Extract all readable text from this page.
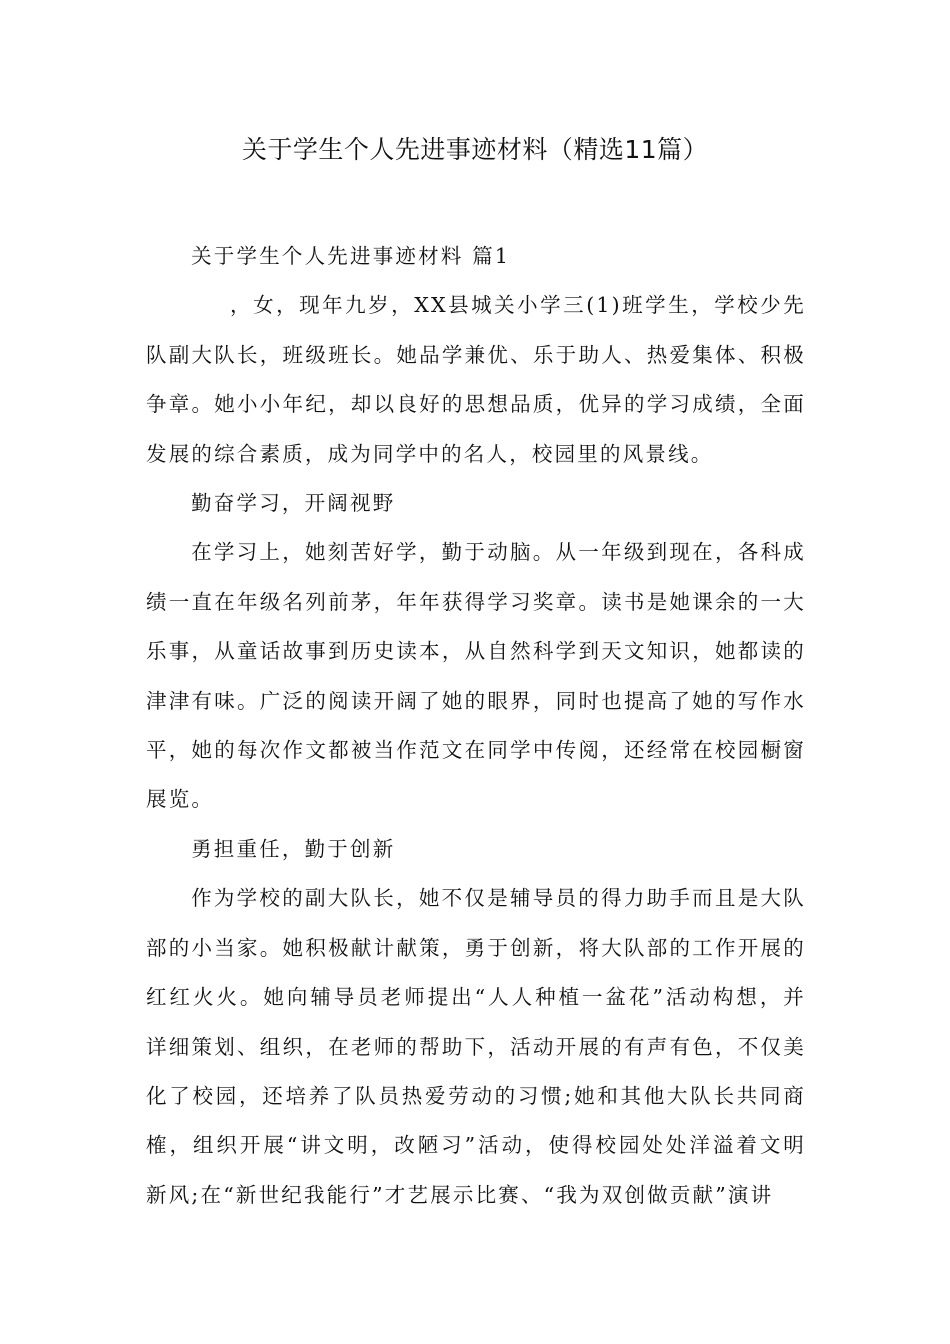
关于学生个人先进事迹材料（精选11篇）

关于学生个人先进事迹材料 篇1

，女，现年九岁，XX县城关小学三(1)班学生，学校少先队副大队长，班级班长。她品学兼优、乐于助人、热爱集体、积极争章。她小小年纪，却以良好的思想品质，优异的学习成绩，全面发展的综合素质，成为同学中的名人，校园里的风景线。

勤奋学习，开阔视野

在学习上，她刻苦好学，勤于动脑。从一年级到现在，各科成绩一直在年级名列前茅，年年获得学习奖章。读书是她课余的一大乐事，从童话故事到历史读本，从自然科学到天文知识，她都读的津津有味。广泛的阅读开阔了她的眼界，同时也提高了她的写作水平，她的每次作文都被当作范文在同学中传阅，还经常在校园橱窗展览。

勇担重任，勤于创新

作为学校的副大队长，她不仅是辅导员的得力助手而且是大队部的小当家。她积极献计献策，勇于创新，将大队部的工作开展的红红火火。她向辅导员老师提出“人人种植一盆花”活动构想，并详细策划、组织，在老师的帮助下，活动开展的有声有色，不仅美化了校园，还培养了队员热爱劳动的习惯;她和其他大队长共同商榷，组织开展“讲文明，改陋习”活动，使得校园处处洋溢着文明新风;在“新世纪我能行”才艺展示比赛、“我为双创做贡献”演讲
